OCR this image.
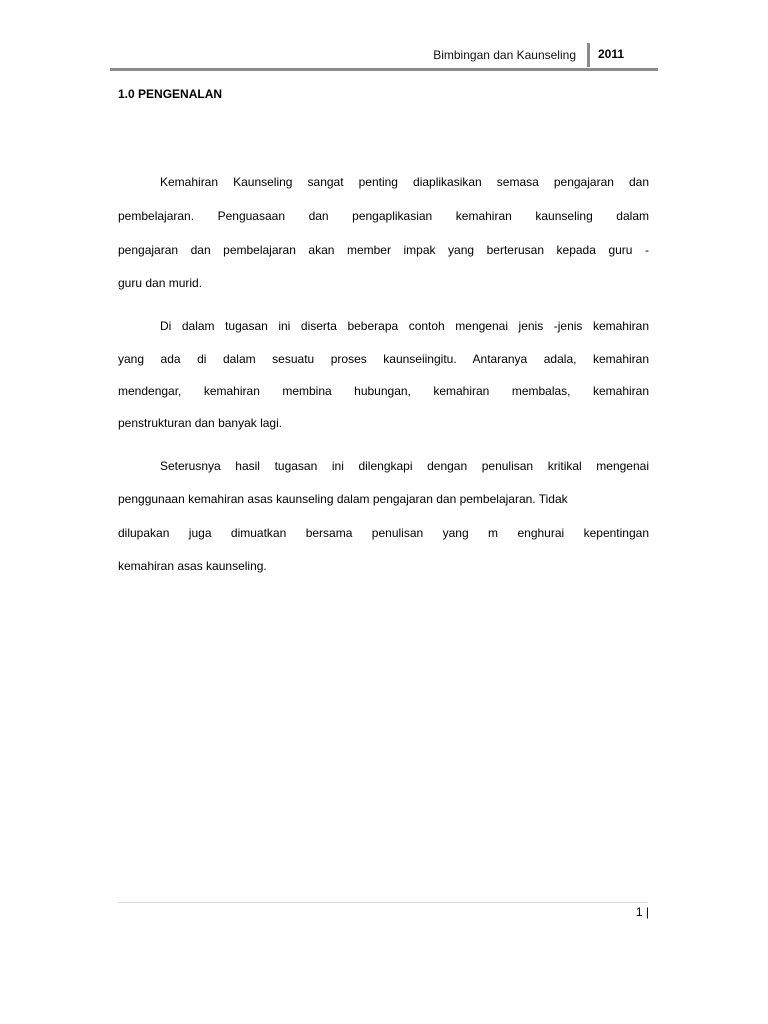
Bimbingan dan Kaunseling 2011
1.0 PENGENALAN
Kemahiran Kaunseling sangat penting diaplikasikan semasa pengajaran dan
pembelajaran. Penguasaan dan pengaplikasian kemahiran kaunseling dalam
pengajaran dan pembelajaran akan member impak yang berterusan kepada guru -
guru dan murid.
Di dalam tugasan ini diserta beberapa contoh mengenai jenis -jenis kemahiran
yang ada di dalam sesuatu proses kaunseiingitu. Antaranya adala, kemahiran
mendengar, kemahiran membina hubungan, kemahiran membalas, kemahiran
penstrukturan dan banyak lagi.
Seterusnya hasil tugasan ini dilengkapi dengan penulisan kritikal mengenai
penggunaan kemahiran asas kaunseling dalam pengajaran dan pembelajaran. Tidak
dilupakan juga dimuatkan bersama penulisan yang m enghurai kepentingan
kemahiran asas kaunseling.
1 |
